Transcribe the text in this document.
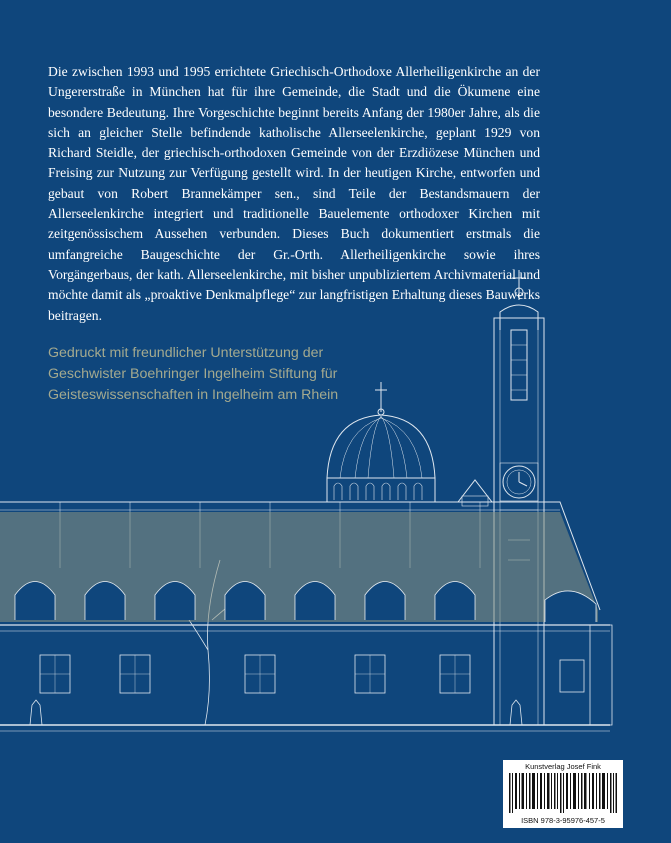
Die zwischen 1993 und 1995 errichtete Griechisch-Orthodoxe Allerheiligenkirche an der Ungererstraße in München hat für ihre Gemeinde, die Stadt und die Ökumene eine besondere Bedeutung. Ihre Vorgeschichte beginnt bereits Anfang der 1980er Jahre, als die sich an gleicher Stelle befindende katholische Allerseelenkirche, geplant 1929 von Richard Steidle, der griechisch-orthodoxen Gemeinde von der Erzdiözese München und Freising zur Nutzung zur Verfügung gestellt wird. In der heutigen Kirche, entworfen und gebaut von Robert Brannekämper sen., sind Teile der Bestandsmauern der Allerseelenkirche integriert und traditionelle Bauelemente orthodoxer Kirchen mit zeitgenössischem Aussehen verbunden. Dieses Buch dokumentiert erstmals die umfangreiche Baugeschichte der Gr.-Orth. Allerheiligenkirche sowie ihres Vorgängerbaus, der kath. Allerseelenkirche, mit bisher unpubliziertem Archivmaterial und möchte damit als „proaktive Denkmalpflege“ zur langfristigen Erhaltung dieses Bauwerks beitragen.

Gedruckt mit freundlicher Unterstützung der
Geschwister Boehringer Ingelheim Stiftung für
Geisteswissenschaften in Ingelheim am Rhein
Kunstverlag Josef Fink
ISBN 978-3-95976-457-5
